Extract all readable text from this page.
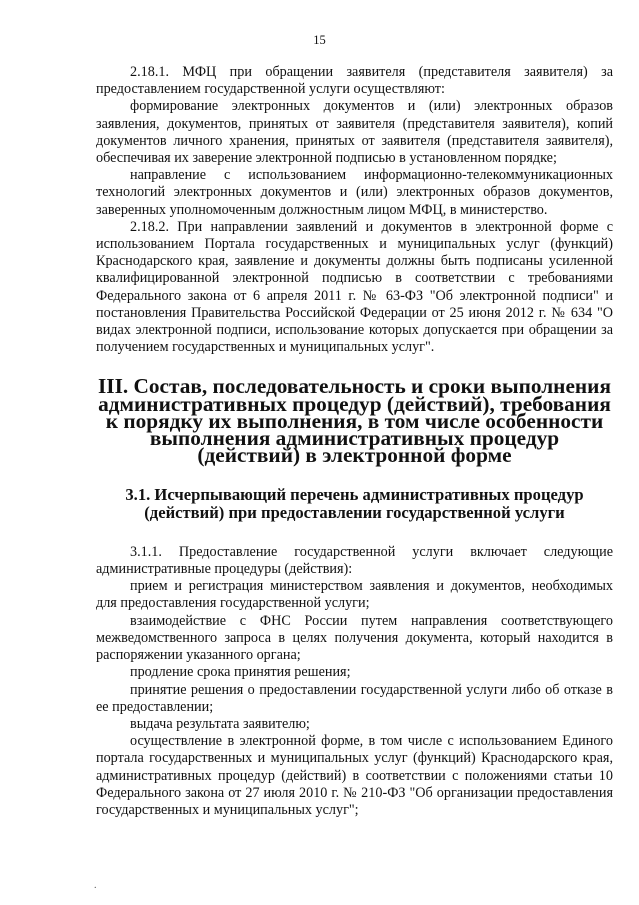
15

2.18.1. МФЦ при обращении заявителя (представителя заявителя) за предоставлением государственной услуги осуществляют:

формирование электронных документов и (или) электронных образов заявления, документов, принятых от заявителя (представителя заявителя), копий документов личного хранения, принятых от заявителя (представителя заявителя), обеспечивая их заверение электронной подписью в установленном порядке;

направление с использованием информационно-телекоммуникационных технологий электронных документов и (или) электронных образов документов, заверенных уполномоченным должностным лицом МФЦ, в министерство.

2.18.2. При направлении заявлений и документов в электронной форме с использованием Портала государственных и муниципальных услуг (функций) Краснодарского края, заявление и документы должны быть подписаны усиленной квалифицированной электронной подписью в соответствии с требованиями Федерального закона от 6 апреля 2011 г. № 63-ФЗ "Об электронной подписи" и постановления Правительства Российской Федерации от 25 июня 2012 г. № 634 "О видах электронной подписи, использование которых допускается при обращении за получением государственных и муниципальных услуг".

III. Состав, последовательность и сроки выполнения административных процедур (действий), требования к порядку их выполнения, в том числе особенности выполнения административных процедур (действий) в электронной форме
3.1. Исчерпывающий перечень административных процедур (действий) при предоставлении государственной услуги

3.1.1. Предоставление государственной услуги включает следующие административные процедуры (действия):

прием и регистрация министерством заявления и документов, необходимых для предоставления государственной услуги;

взаимодействие с ФНС России путем направления соответствующего межведомственного запроса в целях получения документа, который находится в распоряжении указанного органа;

продление срока принятия решения;

принятие решения о предоставлении государственной услуги либо об отказе в ее предоставлении;

выдача результата заявителю;

осуществление в электронной форме, в том числе с использованием Единого портала государственных и муниципальных услуг (функций) Краснодарского края, административных процедур (действий) в соответствии с положениями статьи 10 Федерального закона от 27 июля 2010 г. № 210-ФЗ "Об организации предоставления государственных и муниципальных услуг";

.
